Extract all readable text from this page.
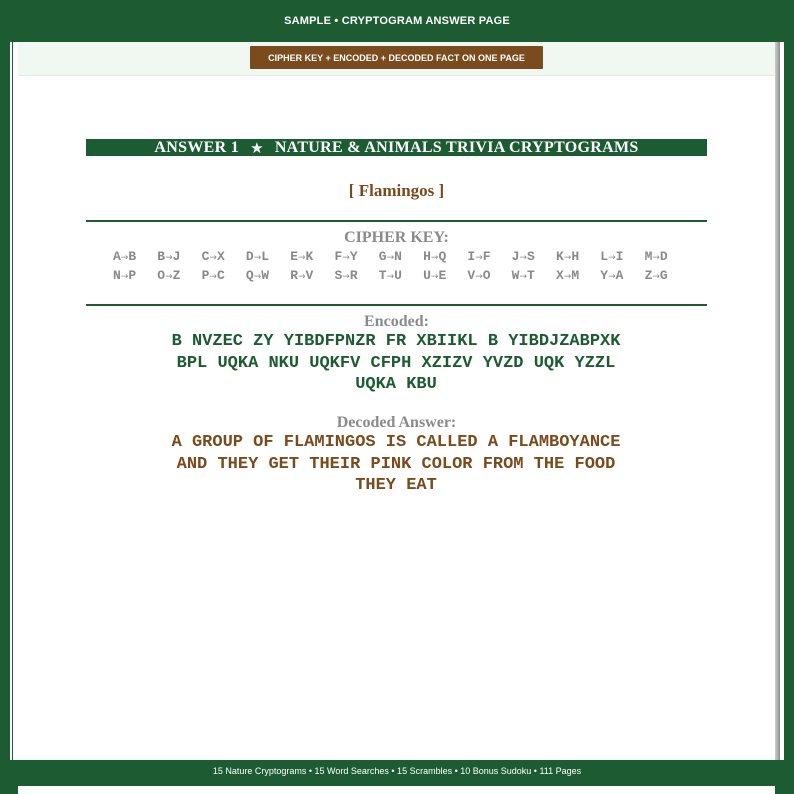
SAMPLE • CRYPTOGRAM ANSWER PAGE
CIPHER KEY + ENCODED + DECODED FACT ON ONE PAGE
ANSWER 1 ★ NATURE & ANIMALS TRIVIA CRYPTOGRAMS
[ Flamingos ]
CIPHER KEY:
A→B	B→J	C→X	D→L	E→K	F→Y	G→N	H→Q	I→F	J→S	K→H	L→I	M→D
N→P	O→Z	P→C	Q→W	R→V	S→R	T→U	U→E	V→O	W→T	X→M	Y→A	Z→G
Encoded:
B NVZEC ZY YIBDFPNZR FR XBIIKL B YIBDJZABPXK
BPL UQKA NKU UQKFV CFPH XZIZV YVZD UQK YZZL
UQKA KBU
Decoded Answer:
A GROUP OF FLAMINGOS IS CALLED A FLAMBOYANCE
AND THEY GET THEIR PINK COLOR FROM THE FOOD
THEY EAT
15 Nature Cryptograms • 15 Word Searches • 15 Scrambles • 10 Bonus Sudoku • 111 Pages
